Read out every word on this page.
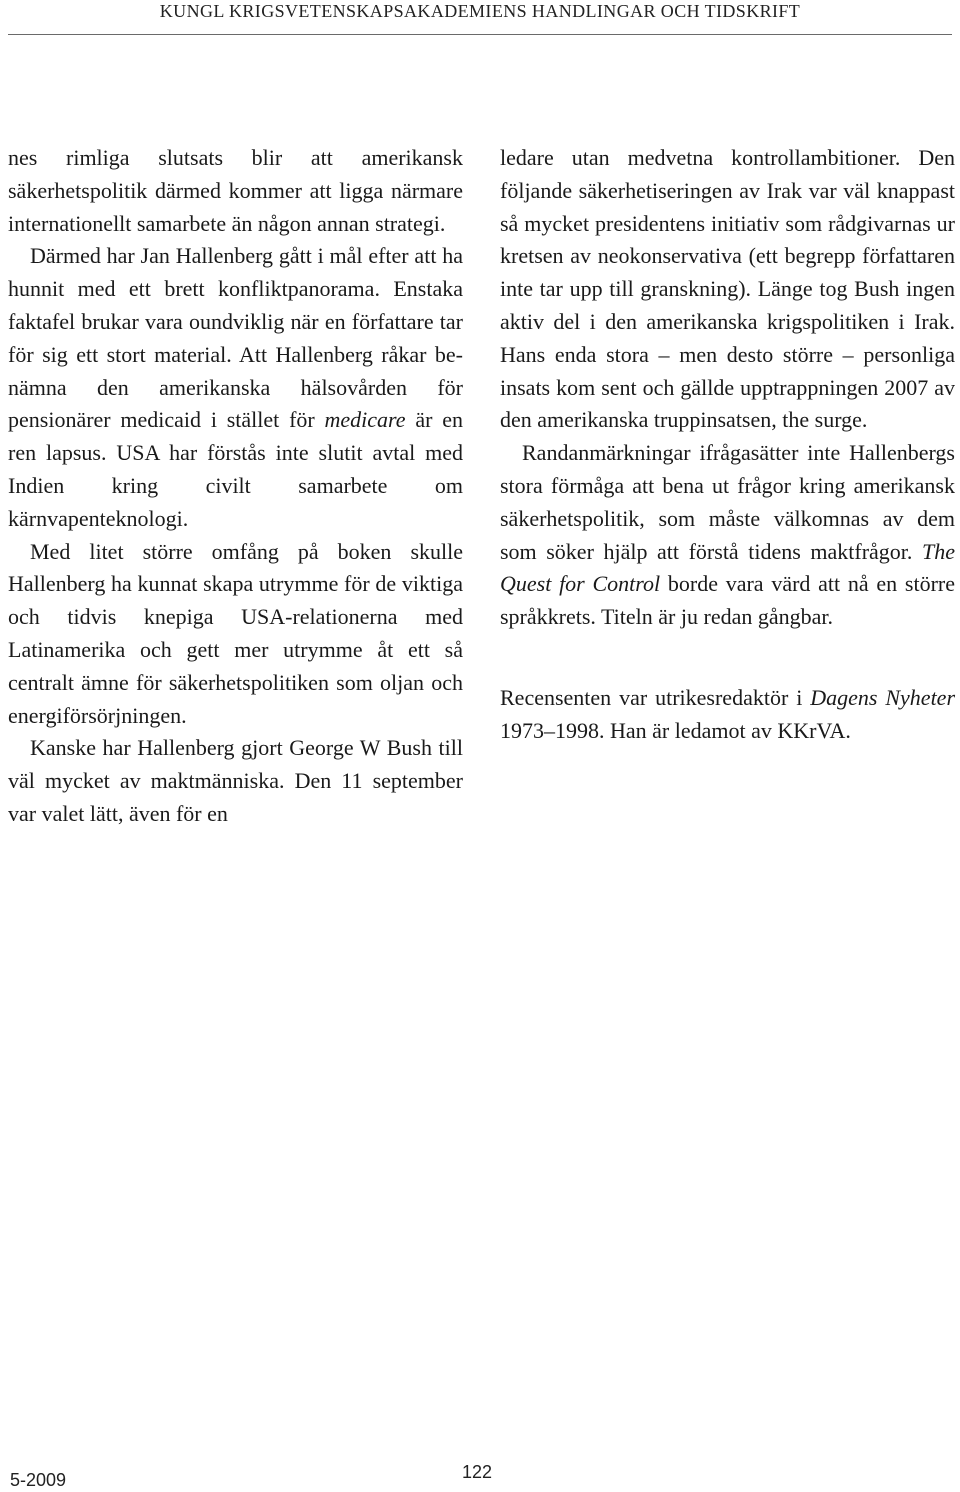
KUNGL KRIGSVETENSKAPSAKADEMIENS HANDLINGAR OCH TIDSKRIFT

nes rimliga slutsats blir att amerikansk säkerhetspolitik därmed kommer att ligga närmare internationellt samarbete än någon annan strategi.

Därmed har Jan Hallenberg gått i mål efter att ha hunnit med ett brett konfliktpanorama. Enstaka faktafel brukar vara oundviklig när en författare tar för sig ett stort material. Att Hallenberg råkar benämna den amerikanska hälsovården för pensionärer medicaid i stället för medicare är en ren lapsus. USA har förstås inte slutit avtal med Indien kring civilt samarbete om kärnvapenteknologi.

Med litet större omfång på boken skulle Hallenberg ha kunnat skapa utrymme för de viktiga och tidvis knepiga USA-relationerna med Latinamerika och gett mer utrymme åt ett så centralt ämne för säkerhetspolitiken som oljan och energiförsörjningen.

Kanske har Hallenberg gjort George W Bush till väl mycket av maktmänniska. Den 11 september var valet lätt, även för en

ledare utan medvetna kontrollambitioner. Den följande säkerhetiseringen av Irak var väl knappast så mycket presidentens initiativ som rådgivarnas ur kretsen av neokonservativa (ett begrepp författaren inte tar upp till granskning). Länge tog Bush ingen aktiv del i den amerikanska krigspolitiken i Irak. Hans enda stora – men desto större – personliga insats kom sent och gällde upptrappningen 2007 av den amerikanska truppinsatsen, the surge.

Randanmärkningar ifrågasätter inte Hallenbergs stora förmåga att bena ut frågor kring amerikansk säkerhetspolitik, som måste välkomnas av dem som söker hjälp att förstå tidens maktfrågor. The Quest for Control borde vara värd att nå en större språkkrets. Titeln är ju redan gångbar.

Recensenten var utrikesredaktör i Dagens Nyheter 1973–1998. Han är ledamot av KKrVA.

5-2009	122
